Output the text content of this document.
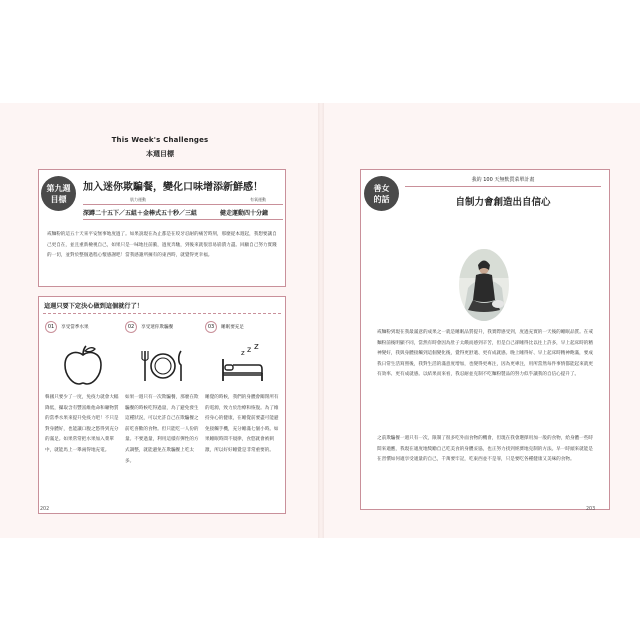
This Week's Challenges
本週目標
第九週
目標
加入迷你欺騙餐，變化口味增添新鮮感！
肌力運動	有氧運動
深蹲二十五下／五組＋金棒式五十秒／三組	健走運動四十分鐘
戒麵粉的這五十天來平安無事地度過了。如果說現在為止都是在咬牙忍耐的痛苦時刻，那麼從本週起，我想要讓自己更自在，並且重新檢視自己，如果只是一味地往前衝，過度奔馳，到後來就很容易崩潰力盡。回顧自己努力實踐的一切，並對於整個過程心懷感謝吧！當我感謝所擁有的東西時，就覺得更幸福。
這週只要下定決心做到這個就行了！
01	享受當季水果
韓國只要少了一度，免疫力就會大幅降低，攝取含有豐富維他命和礦物質的當季水果來提升免疫力吧！不只是對身體好，也能讓口腹之慾得到充分的滿足。如果常常把水果加入菜單中，就能馬上一舉兩得地充電。
02	享受迷你欺騙餐
如果一週只有一次欺騙餐，那麼在欺騙餐的時候吃得過量，為了避免發生這種狀況，可以允許自己在欺騙餐之前吃喜歡的食物。但只能吃一人份的量。不要過量，利用這樣有彈性的方式調整，就能避免在欺騙餐上吃太多。
03	睡眠要充足
z z z
睡覺的時候，我們的身體會關閉所有的電源，致力於治療和恢復。為了維持身心的健康，在睡覺前要盡可能避免接觸手機，充分睡滿七個小時。如果睡眠時間不規律，食慾就會被刺激，所以好好睡覺是非常重要的。
202
善女
的話
我的 100 天無麩質菜單計畫
自制力會創造出自信心
戒麵粉到現在我最滿意的成果之一就是睡眠品質提升，我實際感受到，度過充實的一天後的睡眠品質。在戒麵粉前後明顯不同，當然有時會因為肚子太餓而感到辛苦，但是自己卻睡得比以往上許多，早上起床時的精神變好，我與身體接觸到這個變化後，覺得更舒適、更有成就感。晚上睡得好、早上起床時精神飽滿，要成我日常生活寫照後，我對生活的滿意度增加，也變得更專注，因為更專注，用所當然每件事情都能起來就更有效率、更有成就感。以結果而來看，我忍耐並克制不吃麵粉製品的努力似乎讓我的自信心提升了。
之前欺騙餐一週只有一次，限制了很多吃外面食物的機會，但現在我會選擇用加一般的食物，給身體一些時間來適應，我現在適度地獎勵自己吃美食的身體妥協，也正努力找到經濟地克制的方法。早一時頭來就能是在習慣如何適享受適量的自己，千萬要牢記，吃東西並不是罪，只是要吃各種健康又美味的食物。
203
